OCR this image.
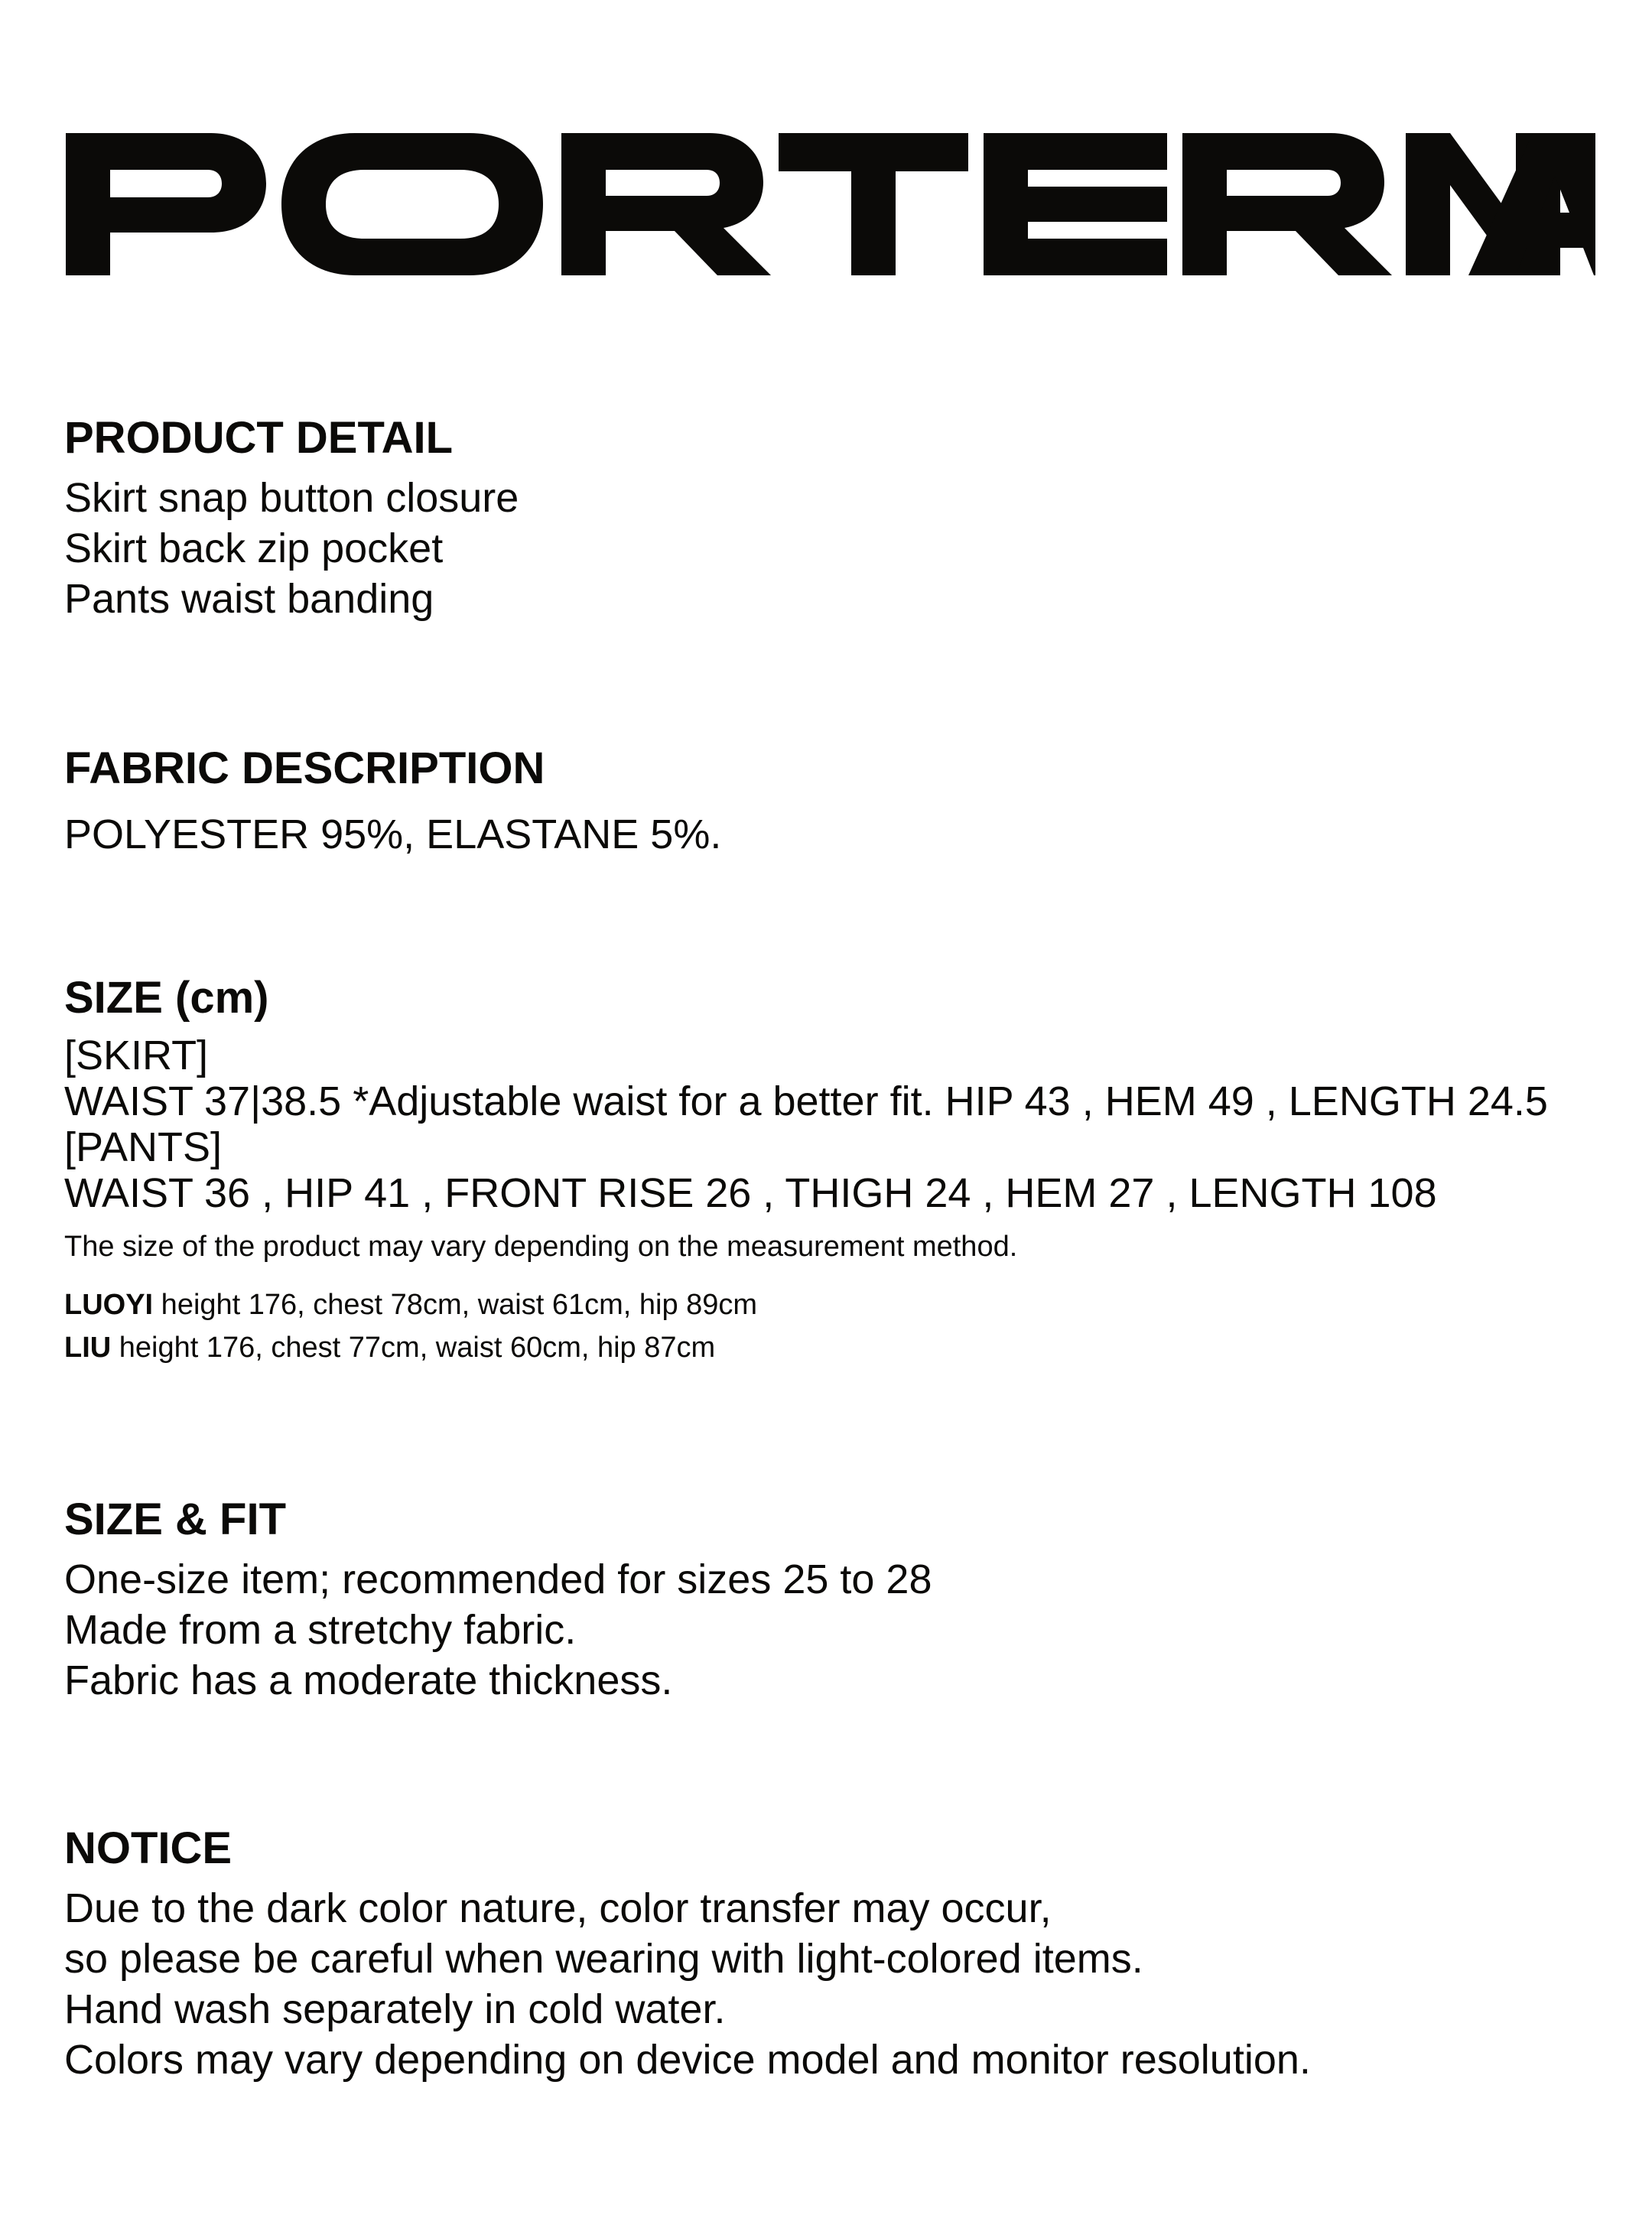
PRODUCT DETAIL
Skirt snap button closure
Skirt back zip pocket
Pants waist banding
FABRIC DESCRIPTION
POLYESTER 95%, ELASTANE 5%.
SIZE (cm)
[SKIRT]
WAIST 37|38.5 *Adjustable waist for a better fit. HIP 43 , HEM 49 , LENGTH 24.5
[PANTS]
WAIST 36 , HIP 41 , FRONT RISE 26 , THIGH 24 , HEM 27 , LENGTH 108
The size of the product may vary depending on the measurement method.
LUOYI height 176, chest 78cm, waist 61cm, hip 89cm
LIU height 176, chest 77cm, waist 60cm, hip 87cm
SIZE & FIT
One-size item; recommended for sizes 25 to 28
Made from a stretchy fabric.
Fabric has a moderate thickness.
NOTICE
Due to the dark color nature, color transfer may occur,
so please be careful when wearing with light-colored items.
Hand wash separately in cold water.
Colors may vary depending on device model and monitor resolution.
